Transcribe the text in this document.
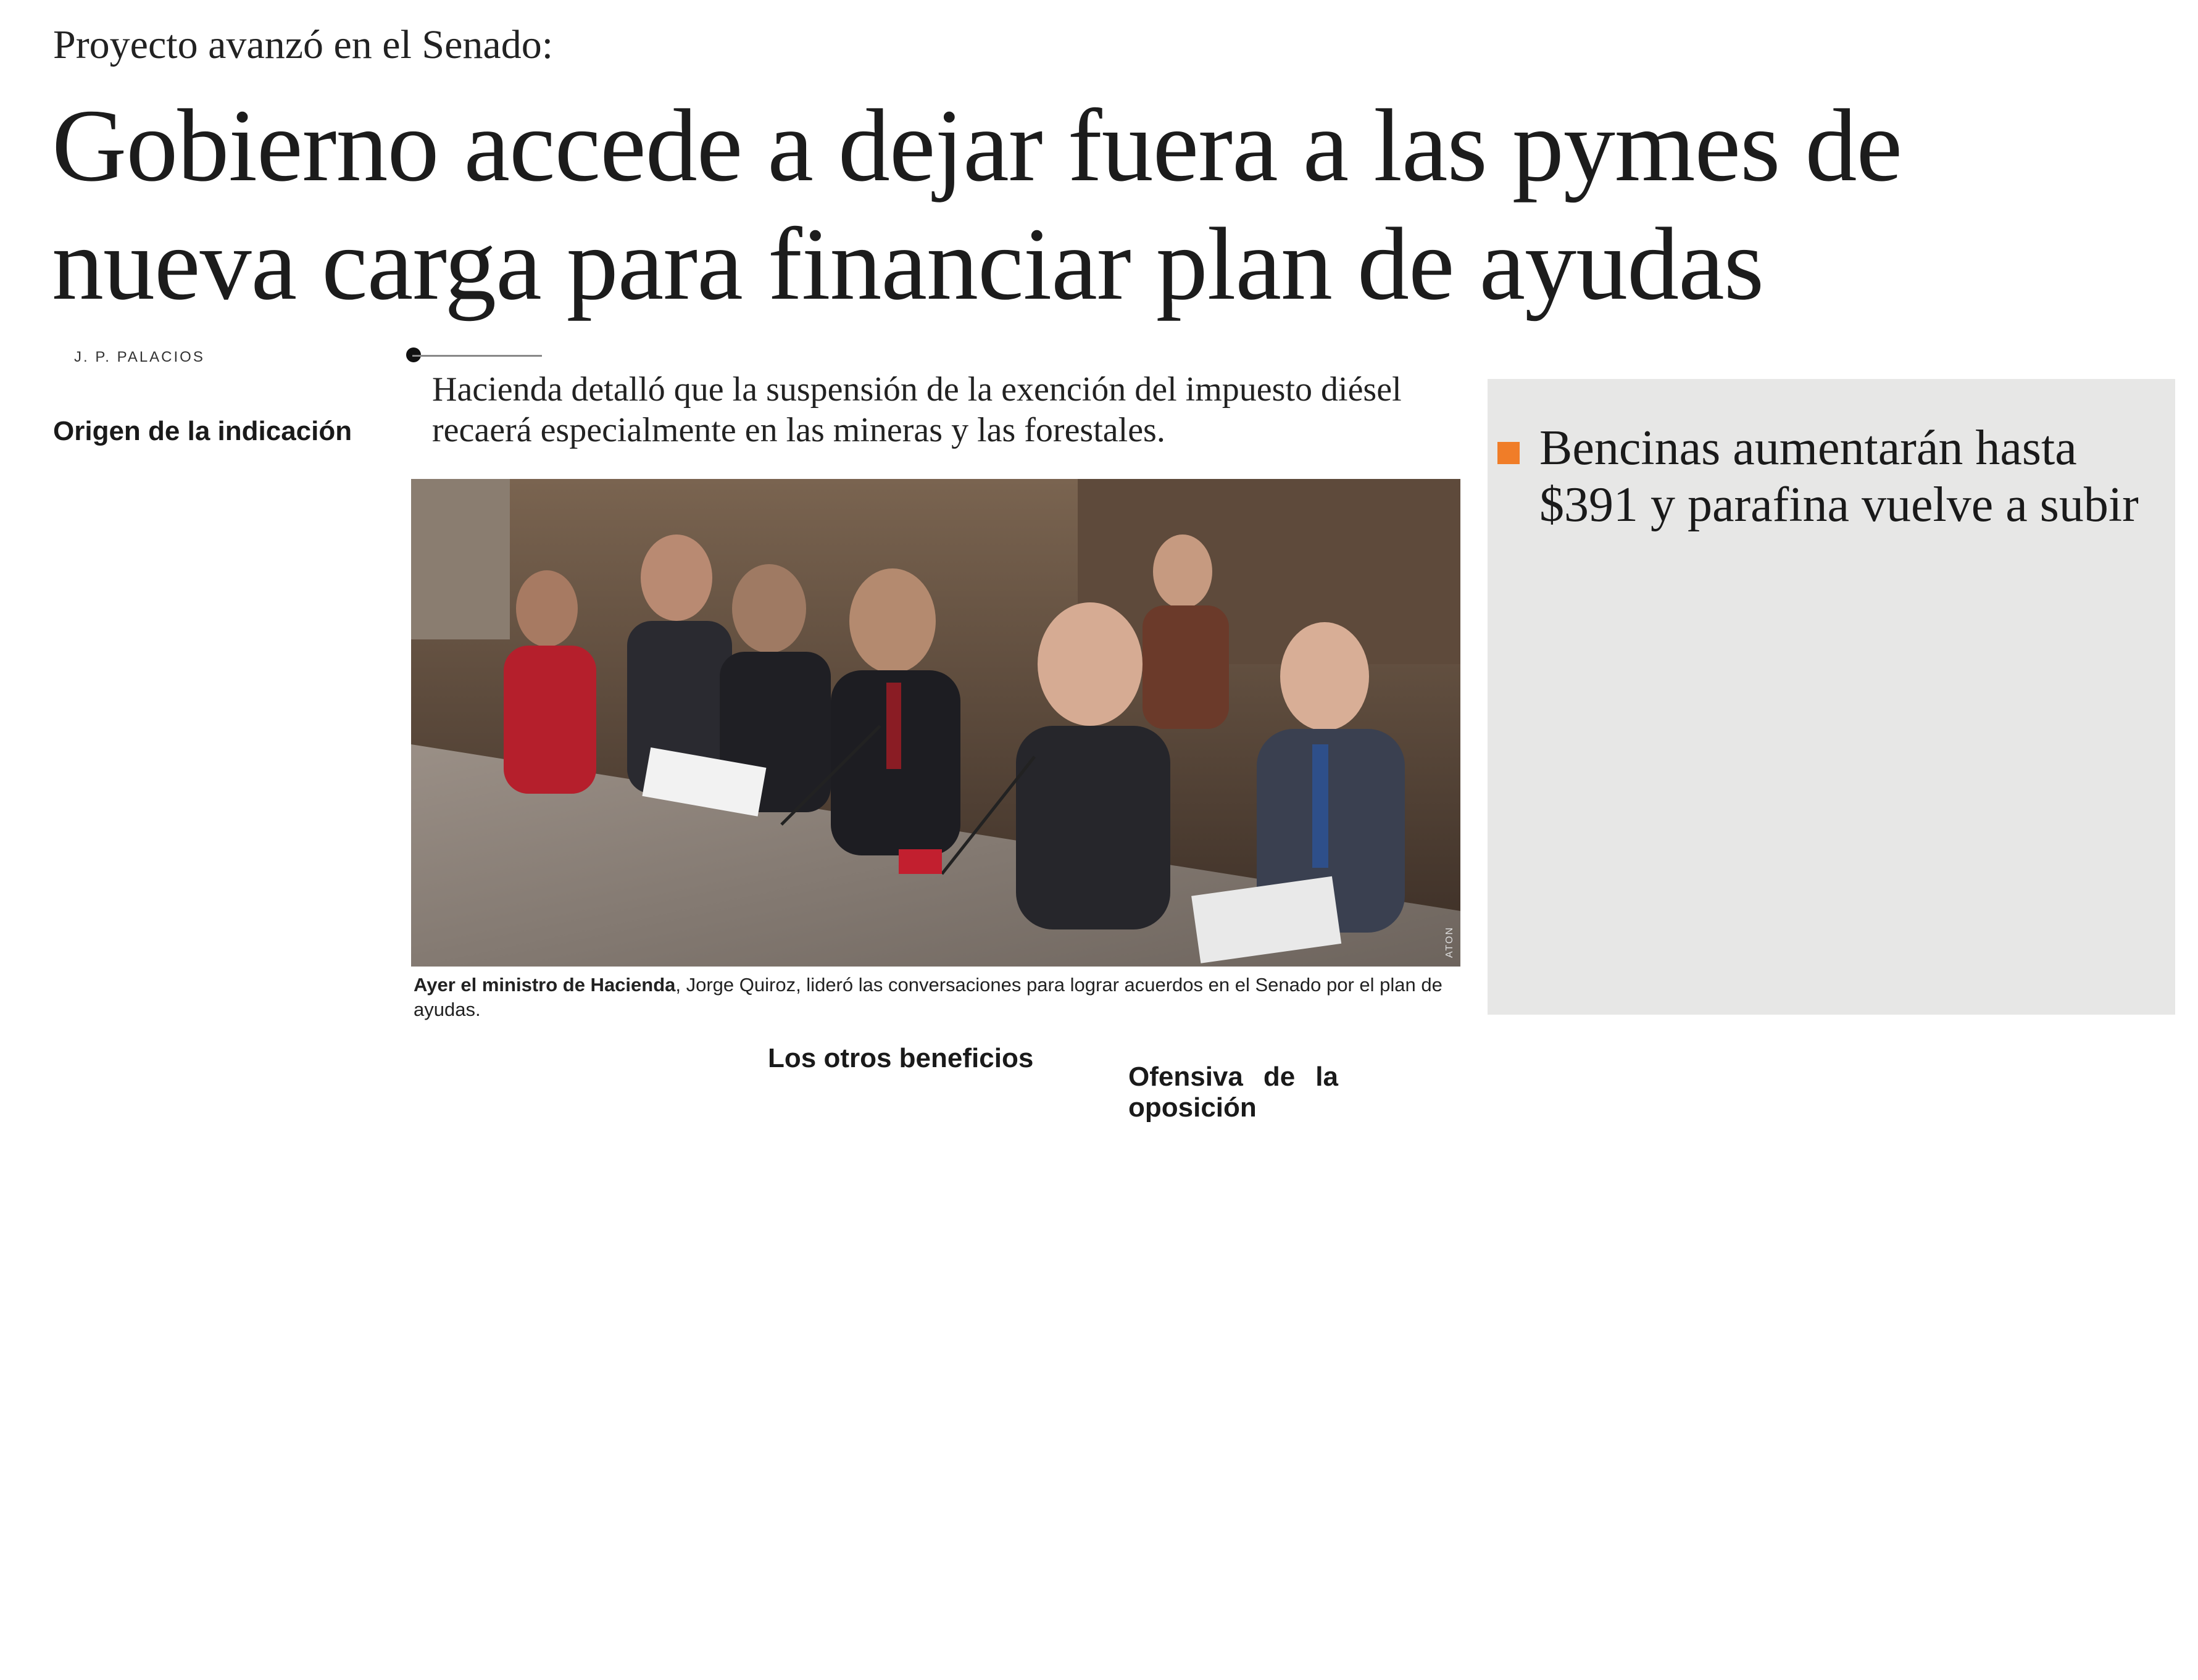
Proyecto avanzó en el Senado:
Gobierno accede a dejar fuera a las pymes de nueva carga para financiar plan de ayudas
J. P. PALACIOS
Hacienda detalló que la suspensión de la exención del impuesto diésel recaerá especialmente en las mineras y las forestales.
ATON
Ayer el ministro de Hacienda, Jorge Quiroz, lideró las conversaciones para lograr acuerdos en el Senado por el plan de ayudas.
Bencinas aumentarán hasta $391 y parafina vuelve a subir

Origen de la indicación

Los otros beneficios

Ofensiva de la oposición
